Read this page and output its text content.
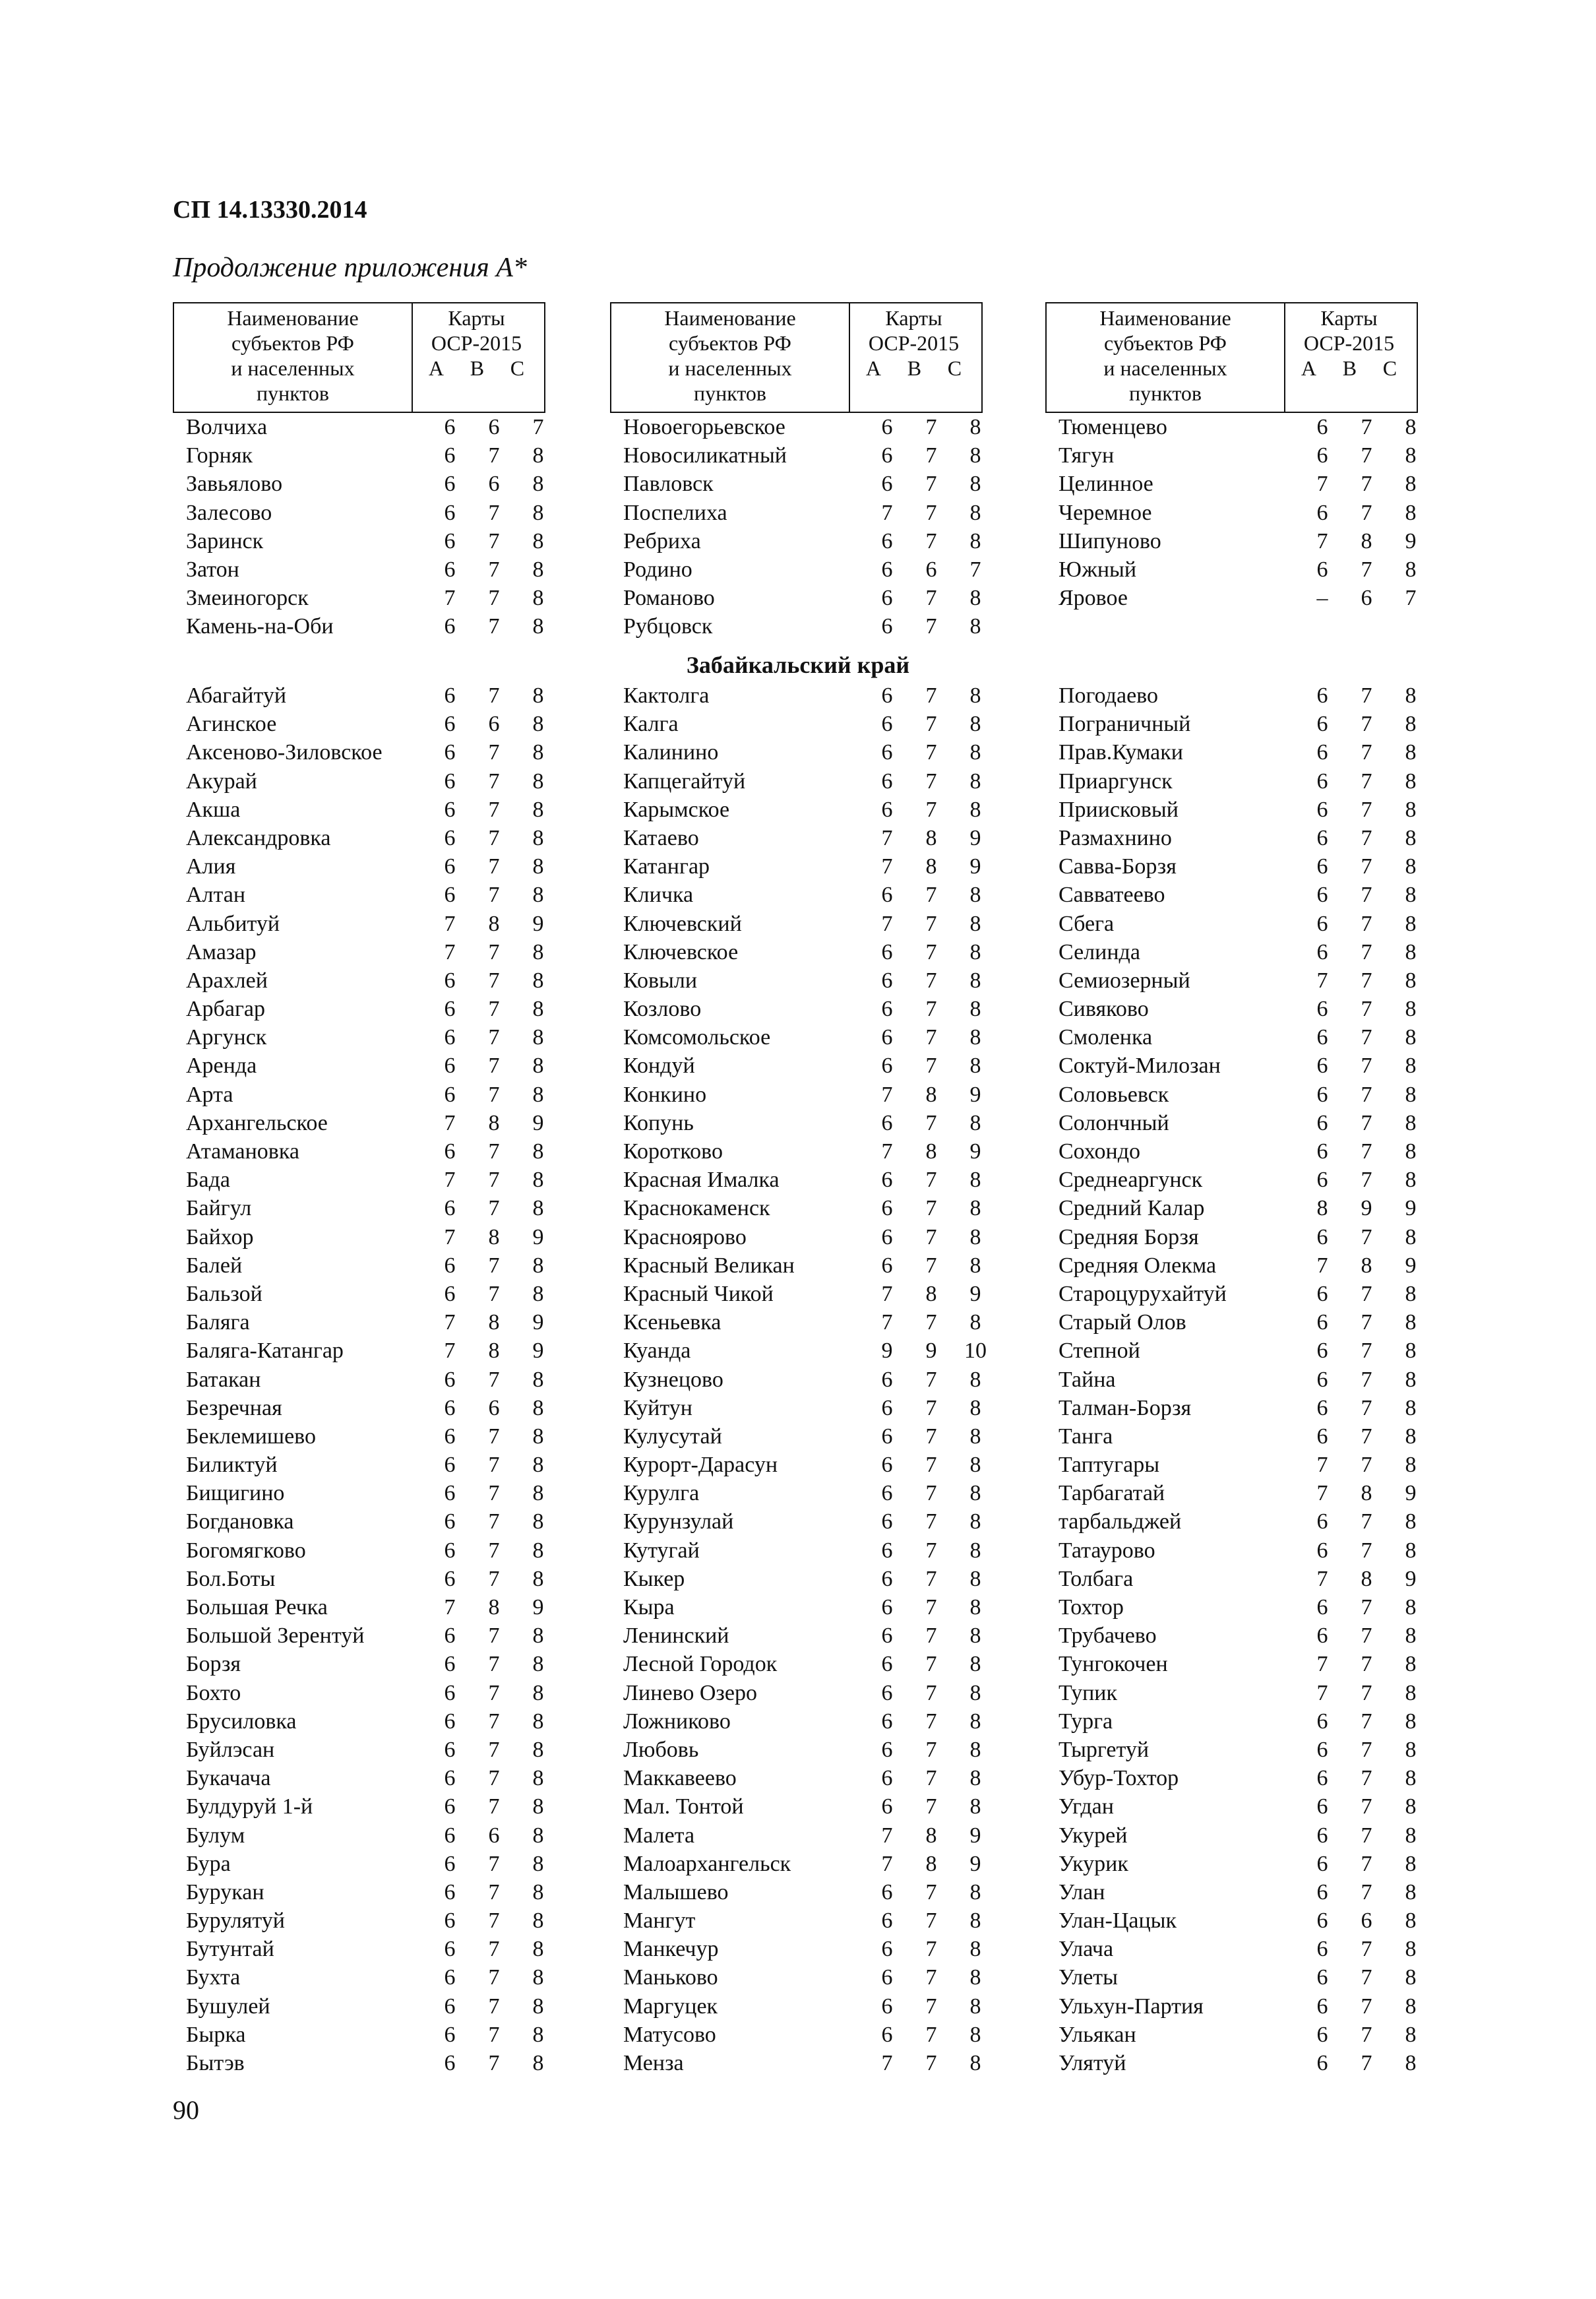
СП 14.13330.2014
Продолжение приложения А*
Наименование
субъектов РФ
и населенных
пунктов
Карты
ОСР-2015
A B C
Наименование
субъектов РФ
и населенных
пунктов
Карты
ОСР-2015
A B C
Наименование
субъектов РФ
и населенных
пунктов
Карты
ОСР-2015
A B C
Забайкальский край
Волчиха	6	6	7
Горняк	6	7	8
Завьялово	6	6	8
Залесово	6	7	8
Заринск	6	7	8
Затон	6	7	8
Змеиногорск	7	7	8
Камень-на-Оби	6	7	8
Абагайтуй	6	7	8
Агинское	6	6	8
Аксеново-Зиловское	6	7	8
Акурай	6	7	8
Акша	6	7	8
Александровка	6	7	8
Алия	6	7	8
Алтан	6	7	8
Альбитуй	7	8	9
Амазар	7	7	8
Арахлей	6	7	8
Арбагар	6	7	8
Аргунск	6	7	8
Аренда	6	7	8
Арта	6	7	8
Архангельское	7	8	9
Атамановка	6	7	8
Бада	7	7	8
Байгул	6	7	8
Байхор	7	8	9
Балей	6	7	8
Бальзой	6	7	8
Баляга	7	8	9
Баляга-Катангар	7	8	9
Батакан	6	7	8
Безречная	6	6	8
Беклемишево	6	7	8
Биликтуй	6	7	8
Бищигино	6	7	8
Богдановка	6	7	8
Богомягково	6	7	8
Бол.Боты	6	7	8
Большая Речка	7	8	9
Большой Зерентуй	6	7	8
Борзя	6	7	8
Бохто	6	7	8
Брусиловка	6	7	8
Буйлэсан	6	7	8
Букачача	6	7	8
Булдуруй 1-й	6	7	8
Булум	6	6	8
Бура	6	7	8
Бурукан	6	7	8
Бурулятуй	6	7	8
Бутунтай	6	7	8
Бухта	6	7	8
Бушулей	6	7	8
Бырка	6	7	8
Бытэв	6	7	8
Новоегорьевское	6	7	8
Новосиликатный	6	7	8
Павловск	6	7	8
Поспелиха	7	7	8
Ребриха	6	7	8
Родино	6	6	7
Романово	6	7	8
Рубцовск	6	7	8
Кактолга	6	7	8
Калга	6	7	8
Калинино	6	7	8
Капцегайтуй	6	7	8
Карымское	6	7	8
Катаево	7	8	9
Катангар	7	8	9
Кличка	6	7	8
Ключевский	7	7	8
Ключевское	6	7	8
Ковыли	6	7	8
Козлово	6	7	8
Комсомольское	6	7	8
Кондуй	6	7	8
Конкино	7	8	9
Копунь	6	7	8
Коротково	7	8	9
Красная Ималка	6	7	8
Краснокаменск	6	7	8
Красноярово	6	7	8
Красный Великан	6	7	8
Красный Чикой	7	8	9
Ксеньевка	7	7	8
Куанда	9	9	10
Кузнецово	6	7	8
Куйтун	6	7	8
Кулусутай	6	7	8
Курорт-Дарасун	6	7	8
Курулга	6	7	8
Курунзулай	6	7	8
Кутугай	6	7	8
Кыкер	6	7	8
Кыра	6	7	8
Ленинский	6	7	8
Лесной Городок	6	7	8
Линево Озеро	6	7	8
Ложниково	6	7	8
Любовь	6	7	8
Маккавеево	6	7	8
Мал. Тонтой	6	7	8
Малета	7	8	9
Малоархангельск	7	8	9
Малышево	6	7	8
Мангут	6	7	8
Манкечур	6	7	8
Маньково	6	7	8
Маргуцек	6	7	8
Матусово	6	7	8
Менза	7	7	8
Тюменцево	6	7	8
Тягун	6	7	8
Целинное	7	7	8
Черемное	6	7	8
Шипуново	7	8	9
Южный	6	7	8
Яровое	–	6	7
Погодаево	6	7	8
Пограничный	6	7	8
Прав.Кумаки	6	7	8
Приаргунск	6	7	8
Приисковый	6	7	8
Размахнино	6	7	8
Савва-Борзя	6	7	8
Савватеево	6	7	8
Сбега	6	7	8
Селинда	6	7	8
Семиозерный	7	7	8
Сивяково	6	7	8
Смоленка	6	7	8
Соктуй-Милозан	6	7	8
Соловьевск	6	7	8
Солончный	6	7	8
Сохондо	6	7	8
Среднеаргунск	6	7	8
Средний Калар	8	9	9
Средняя Борзя	6	7	8
Средняя Олекма	7	8	9
Староцурухайтуй	6	7	8
Старый Олов	6	7	8
Степной	6	7	8
Тайна	6	7	8
Талман-Борзя	6	7	8
Танга	6	7	8
Таптугары	7	7	8
Тарбагатай	7	8	9
тарбальджей	6	7	8
Татаурово	6	7	8
Толбага	7	8	9
Тохтор	6	7	8
Трубачево	6	7	8
Тунгокочен	7	7	8
Тупик	7	7	8
Турга	6	7	8
Тыргетуй	6	7	8
Убур-Тохтор	6	7	8
Угдан	6	7	8
Укурей	6	7	8
Укурик	6	7	8
Улан	6	7	8
Улан-Цацык	6	6	8
Улача	6	7	8
Улеты	6	7	8
Ульхун-Партия	6	7	8
Ульякан	6	7	8
Улятуй	6	7	8
90
